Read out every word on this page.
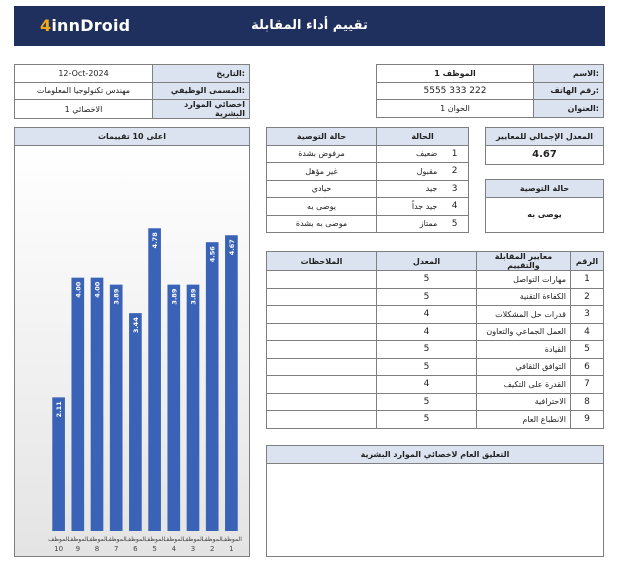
4innDroid	تقييم أداء المقابلة
12-Oct-2024	التاريخ:
مهندس تكنولوجيا المعلومات	المسمى الوظيفي:
الاخصائي 1	اخصائي الموارد البشرية
الموظف 1	الاسم:
5555 333 222	رقم الهاتف:
الحوان 1	العنوان:
المعدل الإجمالي للمعايير
4.67
حالة التوصية
يوصى به
حالة التوصية	الحالة	
مرفوض بشدة	ضعيف	1
غير مؤهل	مقبول	2
حيادي	جيد	3
يوصى به	جيد جداً	4
موصى به بشدة	ممتاز	5
الملاحظات	المعدل	معايير المقابلة والتقييم	الرقم
	5	مهارات التواصل	1
	5	الكفاءة التقنية	2
	4	قدرات حل المشكلات	3
	4	العمل الجماعي والتعاون	4
	5	القيادة	5
	5	التوافق الثقافي	6
	4	القدرة على التكيف	7
	5	الاحترافية	8
	5	الانطباع العام	9
التعليق العام لاخصائي الموارد البشرية
اعلى 10 تقييمات
2.11
الموظف
10
4.00
الموظف
9
4.00
الموظف
8
3.89
الموظف
7
3.44
الموظف
6
4.78
الموظف
5
3.89
الموظف
4
3.89
الموظف
3
4.56
الموظف
2
4.67
الموظف
1
